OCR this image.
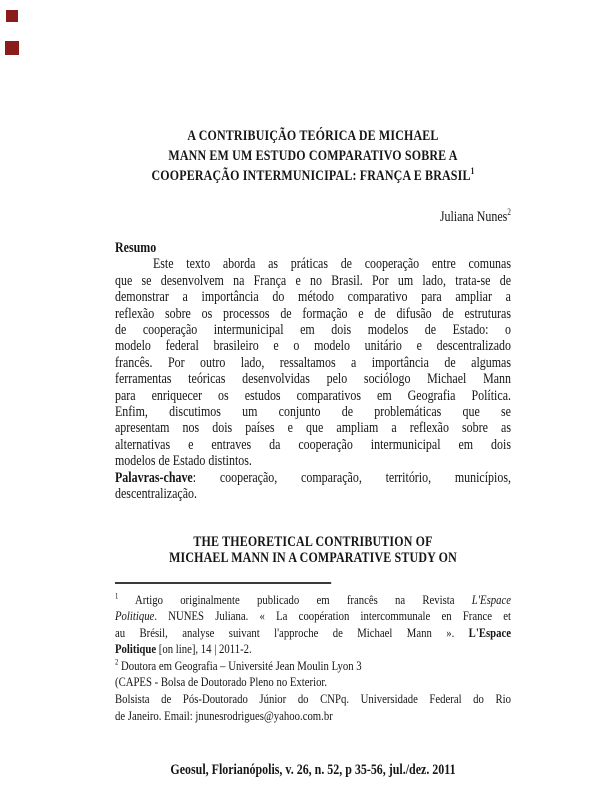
A CONTRIBUIÇÃO TEÓRICA DE MICHAEL
MANN EM UM ESTUDO COMPARATIVO SOBRE A
COOPERAÇÃO INTERMUNICIPAL: FRANÇA E BRASIL$^1$
Juliana Nunes$^2$
Resumo
Este texto aborda as práticas de cooperação entre comunas
que se desenvolvem na França e no Brasil. Por um lado, trata-se de
demonstrar a importância do método comparativo para ampliar a
reflexão sobre os processos de formação e de difusão de estruturas
de cooperação intermunicipal em dois modelos de Estado: o
modelo federal brasileiro e o modelo unitário e descentralizado
francês. Por outro lado, ressaltamos a importância de algumas
ferramentas teóricas desenvolvidas pelo sociólogo Michael Mann
para enriquecer os estudos comparativos em Geografia Política.
Enfim, discutimos um conjunto de problemáticas que se
apresentam nos dois países e que ampliam a reflexão sobre as
alternativas e entraves da cooperação intermunicipal em dois
modelos de Estado distintos.
Palavras-chave: cooperação, comparação, território, municípios,
descentralização.
THE THEORETICAL CONTRIBUTION OF
MICHAEL MANN IN A COMPARATIVE STUDY ON
$^1$ Artigo originalmente publicado em francês na Revista L'Espace
Politique. NUNES Juliana. « La coopération intercommunale en France et
au Brésil, analyse suivant l'approche de Michael Mann ». L'Espace
Politique [on line], 14 | 2011-2.
$^2$ Doutora em Geografia – Université Jean Moulin Lyon 3
(CAPES - Bolsa de Doutorado Pleno no Exterior.
Bolsista de Pós-Doutorado Júnior do CNPq. Universidade Federal do Rio
de Janeiro. Email: jnunesrodrigues@yahoo.com.br
Geosul, Florianópolis, v. 26, n. 52, p 35-56, jul./dez. 2011
